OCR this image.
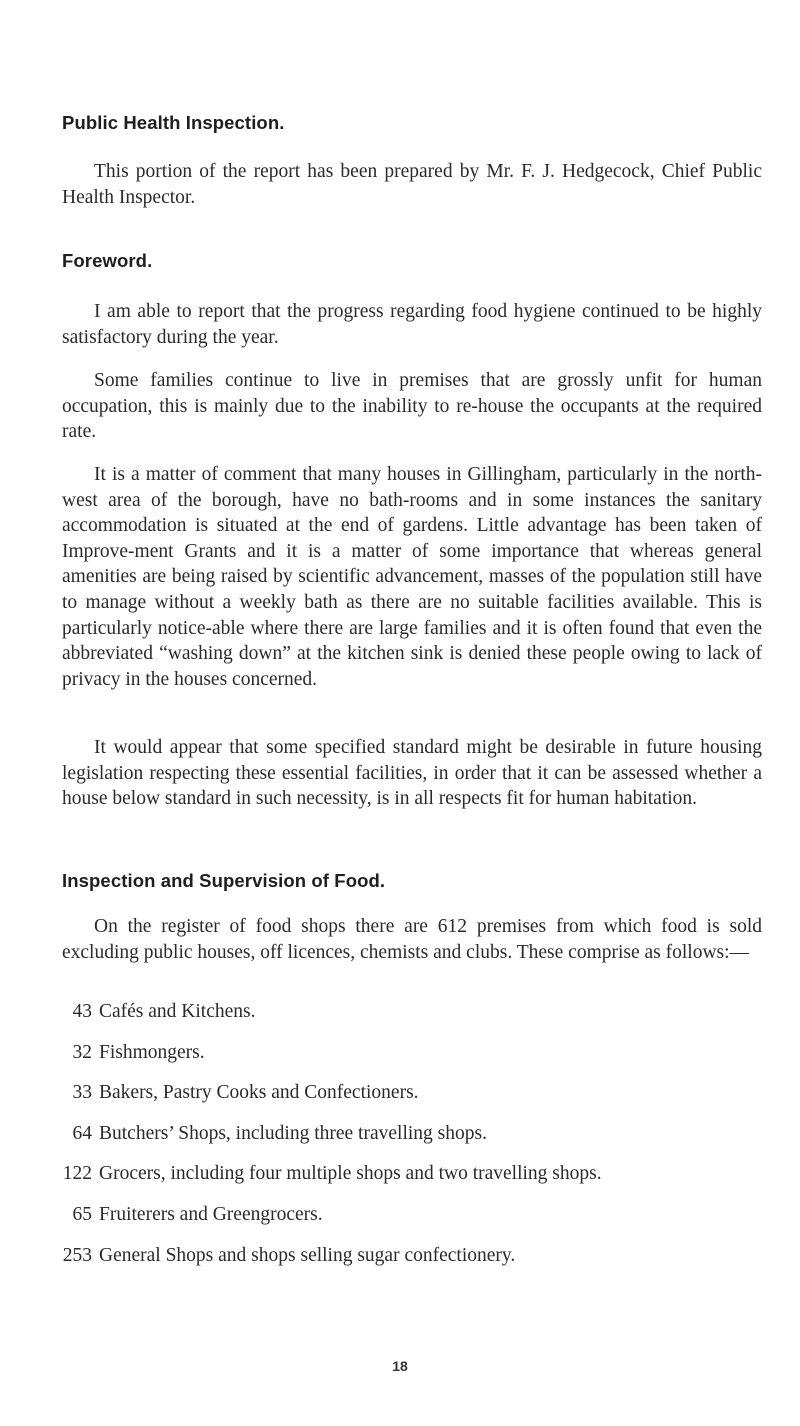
Public Health Inspection.

This portion of the report has been prepared by Mr. F. J. Hedgecock, Chief Public Health Inspector.

Foreword.

I am able to report that the progress regarding food hygiene continued to be highly satisfactory during the year.

Some families continue to live in premises that are grossly unfit for human occupation, this is mainly due to the inability to re-house the occupants at the required rate.

It is a matter of comment that many houses in Gillingham, particularly in the north-west area of the borough, have no bath-rooms and in some instances the sanitary accommodation is situated at the end of gardens. Little advantage has been taken of Improve-ment Grants and it is a matter of some importance that whereas general amenities are being raised by scientific advancement, masses of the population still have to manage without a weekly bath as there are no suitable facilities available. This is particularly notice-able where there are large families and it is often found that even the abbreviated “washing down” at the kitchen sink is denied these people owing to lack of privacy in the houses concerned.

It would appear that some specified standard might be desirable in future housing legislation respecting these essential facilities, in order that it can be assessed whether a house below standard in such necessity, is in all respects fit for human habitation.

Inspection and Supervision of Food.

On the register of food shops there are 612 premises from which food is sold excluding public houses, off licences, chemists and clubs. These comprise as follows:—

43 Cafés and Kitchens.
32 Fishmongers.
33 Bakers, Pastry Cooks and Confectioners.
64 Butchers’ Shops, including three travelling shops.
122 Grocers, including four multiple shops and two travelling shops.
65 Fruiterers and Greengrocers.
253 General Shops and shops selling sugar confectionery.
18
